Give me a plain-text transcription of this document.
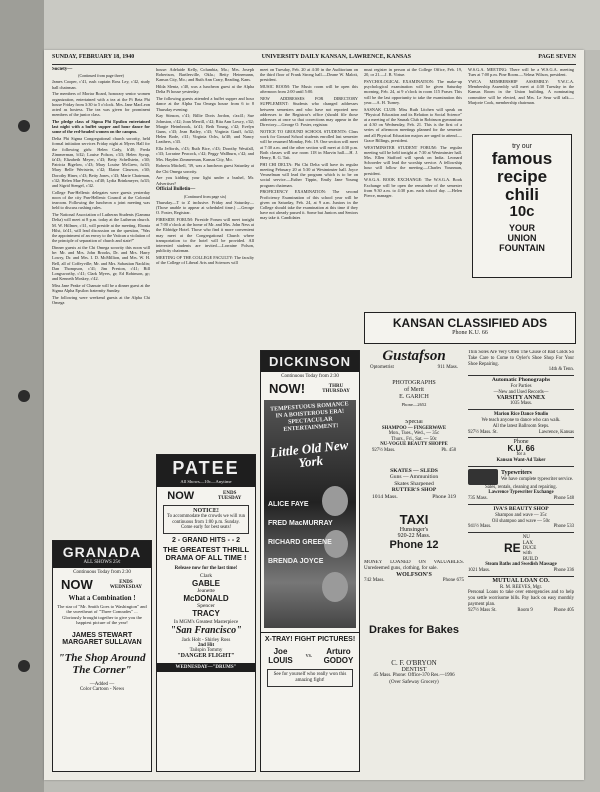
SUNDAY, FEBRUARY 18, 1940	UNIVERSITY DAILY KANSAN, LAWRENCE, KANSAS	PAGE SEVEN
Society—
(Continued from page three)

James Cooper, c'41, rush captain Ross Ley, c'42, study hall chairman.

The members of Mortar Board, honorary senior women organization, entertained with a tea at the Pi Beta Phi house Friday from 3:30 to 5 o'clock. Mrs. Jane MacLeon acted as hostess. The tea was given for prominent members of the junior class.

The pledge class of Sigma Phi Epsilon entertained last night with a buffet supper and hour dance for some of the red-headed women on the campus.

Delta Phi Sigma Congregational church sorority, held formal initiation services Friday night at Myers Hall for the following girls: Helen Cady, b'40; Freda Zimmerman, b'42; Louise Polson, c'43; Helen Syrup, fa'43; Elizabeth Meyer, c'43; Betty Schellstein, c'40; Patricia Bigelow, c'43; Mary Louise McGrew, fa'43; Mary Belle Wertstein, c'42; Elaine Clawson, c'40; Dorothy Hiner, c'43; Betty Jones, c'43; Marie Chairman, c'42; Helen Mae Peters, cd'40; Lydia Brinkmeyer, fa'43; and Sigrid Stengel, c'42.

College Pan-Hellenic delegates were guests yesterday noon of the city Pan-Hellenic Council at the Colonial tearoom. Following the luncheon a joint meeting was held to discuss rushing rules.

The National Association of Lutheran Students (Gamma Delta) will meet at 8 p.m. today at the Lutheran church. M. W. Hillmer, c'41, will preside at the meeting. Ebonia Hilst, fa'41, will lead discussion on the question, "Was the appointment of an envoy to the Vatican a violation of the principle of separation of church and state?"

Dinner guests at the Chi Omega sorority this noon will be: Mr. and Mrs. John Brooks, Dr. and Mrs. Harry Lowry, Dr. and Mrs. I. D. McMillion, and Mrs. W. H. Bell, all of Coffeyville; Mr. and Mrs. Sabastian Nacklin; Dan Thompson, c'41; Jim Preston, c'41; Bill Longsworthy, c'41; Clark Myers, gr; Ed Robinson, gr; and Kenneth Moskey, c'42.

Miss Jane Peake of Chanute will be a dinner guest at the Sigma Alpha Epsilon fraternity Sunday.

The following were weekend guests at the Alpha Chi Omega

house: Adelaide Kelly, Columbia, Mo.; Mrs. Joseph Robertson, Bartlesville, Okla.; Betty Heinemann, Kansas City, Mo.; and Ruth Ann Crary, Reading, Kans.

Hilda Slentz, c'40, was a luncheon guest at the Alpha Delta Pi house yesterday.

The following guests attended a buffet supper and hour dance at the Alpha Tau Omega house from 6 to 8 Thursday evening:

Kay Stinson, c'41; Billie Doris Jordon, c'ax41; Sue Johnston, c'42; Joan Merrill, c'42; Rita Ann Lowry, c'42; Margie Heimbrook, fa'41; Beth Young, c'42; Evelyn Gunn, c'43; Jean Bailey, c'43; Virginia Gauff, fa'42; Helen Bode, c'41; Virginia Ochs, fa'40; and Nancy Leathers, c'43.

Ella Jeffords, c'43; Ruth Bice, c'43; Dorothy Westfall, c'43; Lorraine Peacock, c'42; Peggy Wallburn, c'42; and Mrs. Hayden Zimmerman, Kansas City, Mo.

Roberta Mitchell, '39, was a luncheon guest Saturday at the Chi Omega sorority.

Are you kidding your light under a bushel, Mr. Advertiser?

Official Bulletin—
(Continued from page six)

Thursday—T to Z inclusive. Friday and Saturday—(Those unable to appear at scheduled time.) —George O. Foster, Registrar.

FIRESIDE FORUM: Fireside Forum will meet tonight at 7:00 o'clock at the home of Mr. and Mrs. John Ness at the Eldridge Hotel. Those who find it more convenient may meet at the Congregational Church where transportation to the hotel will be provided. All interested students are invited.—Lorraine Polson, publicity chairman.

MEETING OF THE COLLEGE FACULTY: The faculty of the College of Liberal Arts and Sciences will

meet on Tuesday, Feb. 20 at 4:30 in the Auditorium on the third floor of Frank Strong hall.—Deane W. Malott, president.

MUSIC ROOM: The Music room will be open this afternoon from 2:00 until 5:00.

NEW ADDRESSES FOR DIRECTORY SUPPLEMENT: Students who changed addresses between semesters and who have not reported new addresses to the Registrar's office (should file those addresses at once so that corrections may appear in the Directory.—George O. Foster, registrar.

NOTICE TO GROUND SCHOOL STUDENTS: Class work for Ground School students enrolled last semester will be resumed Monday, Feb. 19. One section will meet at 7:30 a.m. and the other section will meet at 4:30 p.m. Both classes will use room 118 in Marvin hall.—H. J. Henry, R. G. Tait.

PHI CHI DELTA: Phi Chi Delta will have its regular meeting February 20 at 5:30 at Westminster hall. Joyce Veraselman will lead the program which is to be on social service.—Esther Tippin, Emily Jane Youmg program chairman.

PROFICIENCY EXAMINATION: The second Proficiency Examination of this school year will be given on Saturday, Feb. 24, at 9 a.m. Juniors in the College should take the examination at this time if they have not already passed it. Some but Juniors and Seniors may take it. Candidates

must register in person at the College Office, Feb. 19, 20, or 21.—J. B. Virtue.

PSYCHOLOGICAL EXAMINATION: The make-up psychological examination will be given Saturday morning, Feb. 24, at 9 o'clock in room 115 Fraser. This will be the last opportunity to take the examination this year.—A. H. Turney.

SASNAK CLUB: Miss Ruth Litchen will speak on "Physical Education and its Relation to Social Science" at a meeting of the Sasnak Club in Robinson gymnasium at 4:30 on Wednesday, Feb. 21. This is the first of a series of afternoon meetings planned for the semester and all Physical Education majors are urged to attend.—Grace Billings, president.

WESTMINSTER STUDENT FORUM: The regular meeting will be held tonight at 7:30 at Westminster hall. Mrs. Ellen Stafford will speak on India. Leonard Schroeder will lead the worship service. A fellowship hour will follow the meeting.—Charles Younman, president.

W.S.G.A. BOOK EXCHANGE: The W.S.G.A. Book Exchange will be open the remainder of the semester from 9:30 a.m. to 4:30 p.m. each school day. —Helen Pierce, manager.

W.S.G.A. MEETING: There will be a W.S.G.A. meeting Tues at 7:00 p.m. Pine Room.—Velma Wilson, president.

YWCA MEMBERSHIP ASSEMBLY: Y.W.C.A. Membership Assembly will meet at 4:30 Tuesday in the Kansas Room in the Union building. A nominating committee will be elected, and Mrs. Le Seur will talk.—Marjorie Cook, membership chairman.

try our
famous
recipe
chili
10c
YOUR
UNION
FOUNTAIN
KANSAN CLASSIFIED ADS
Phone K.U. 66
Gustafson
Optometrist	911 Mass.
PHOTOGRAPHS
of Merit
E. GARICH
Phone—2652
Special
SHAMPOO — FINGERWAVE
Mon., Tues., Wed., — 35c
Thurs., Fri., Sat. — 50c
NU-VOGUE BEAUTY SHOPPE
927½ Mass.	Ph. 458
SKATES — SLEDS
Guns — Ammunition
Skates Sharpened
RUTTER'S SHOP
1014 Mass.	Phone 319
TAXI
Hunsinger's
920-22 Mass.
Phone 12
MONEY LOANED ON VALUABLES. Unredeemed guns, clothing, for sale.
WOLFSON'S
742 Mass.	Phone 675
Drakes for Bakes
C. F. O'BRYON
DENTIST
45 Mass. Phone: Office-370 Res.—1996
(Over Safeway Grocery)
Thin Soles Are Very Often The Cause of Bad Colds So Take Care to Come to Oyler's Shoe Shop For Your Shoe Repairing.
14th & Tenn.
Automatic Phonographs
For Parties
—New and Used Records—
VARSITY ANNEX
1035 Mass.
Marion Rice Dance Studio
We teach anyone to dance who can walk.
All the latest Ballroom Steps.
927½ Mass. St.	Lawrence, Kansas
Phone
K.U. 66
for a
Kansan Want-Ad Taker
Typewriters
We have complete typewriter service.
Sales, rentals, cleaning and repairing.
Lawrence Typewriter Exchange
735 Mass.	Phone 548
IVA'S BEAUTY SHOP
Shampoo and wave — 35c
Oil shampoo and wave — 50c
941½ Mass.	Phone 533
RE
NU
LAX
DUCE
with
BUILD
Steam Baths and Swedish Massage
1021 Mass.	Phone 336
MUTUAL LOAN CO.
R. M. REEVES, Mgr.
Personal Loans to take over emergencies and to help you settle worrisome bills. Pay back on easy monthly payment plan.
927½ Mass St.	Room 9	Phone 405
GRANADA
ALL SHOWS 25¢
Continuous Today from 2:30
NOW	ENDS WEDNESDAY
What a Combination !
The star of "Mr. Smith Goes to Washington" and the sweetheart of "Three Comrades" ... Gloriously brought together to give you the happiest picture of the year!
JAMES STEWART
MARGARET SULLAVAN
"The Shop Around The Corner"
—Added —
Color Cartoon - News
PATEE
All Shows—10c—Anytime
NOW	ENDS TUESDAY
NOTICE!
To accommodate the crowds we will run continuous from 1:00 p.m. Sunday. Come early for best seats!
2 - GRAND HITS - - 2
THE GREATEST THRILL DRAMA OF ALL TIME !
Release now for the last time!
Clark
GABLE
Jeanette
McDONALD
Spencer
TRACY
In MGM's Greatest Masterpiece
"San Francisco"
Jack Holt - Shirley Ross
2nd Hit
Tailspin Tommy
"DANGER FLIGHT"
WEDNESDAY—"DRUMS"
DICKINSON
Continuous Today from 2:30
NOW!	THRU THURSDAY
TEMPESTUOUS ROMANCE IN A BOISTEROUS ERA! SPECTACULAR ENTERTAINMENT!
Little Old New York
ALICE FAYE
FRED MacMURRAY
RICHARD GREENE
BRENDA JOYCE
X-TRAY! FIGHT PICTURES!
Joe LOUIS vs.	Arturo GODOY
See for yourself who really won this amazing fight!
